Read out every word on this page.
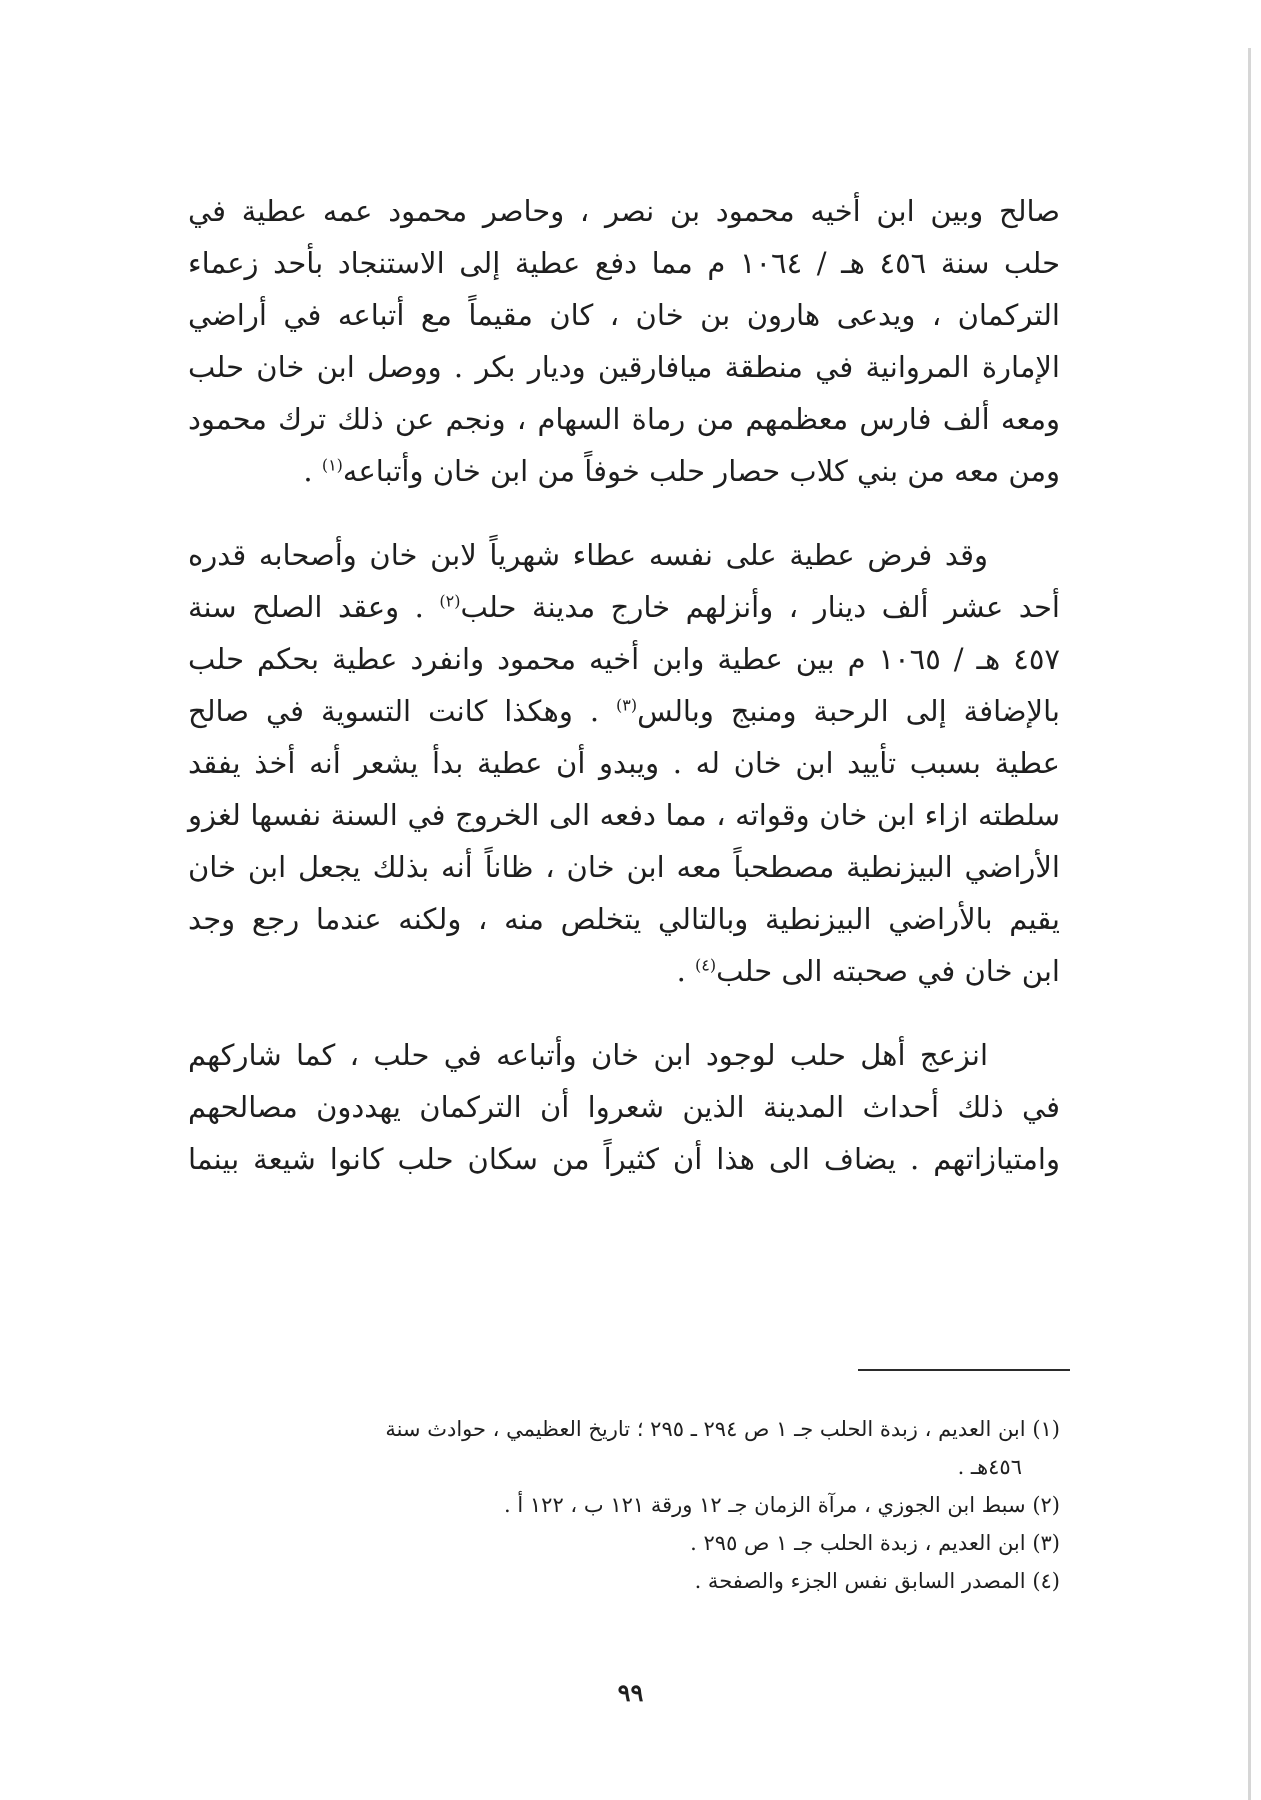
صالح وبين ابن أخيه محمود بن نصر ، وحاصر محمود عمه عطية في
حلب سنة ٤٥٦ هـ / ١٠٦٤ م مما دفع عطية إلى الاستنجاد بأحد زعماء
التركمان ، ويدعى هارون بن خان ، كان مقيماً مع أتباعه في أراضي
الإمارة المروانية في منطقة ميافارقين وديار بكر . ووصل ابن خان حلب
ومعه ألف فارس معظمهم من رماة السهام ، ونجم عن ذلك ترك محمود
ومن معه من بني كلاب حصار حلب خوفاً من ابن خان وأتباعه$^{(١)}$ .
وقد فرض عطية على نفسه عطاء شهرياً لابن خان وأصحابه قدره
أحد عشر ألف دينار ، وأنزلهم خارج مدينة حلب$^{(٢)}$ . وعقد الصلح سنة
٤٥٧ هـ / ١٠٦٥ م بين عطية وابن أخيه محمود وانفرد عطية بحكم حلب
بالإضافة إلى الرحبة ومنبج وبالس$^{(٣)}$ . وهكذا كانت التسوية في صالح
عطية بسبب تأييد ابن خان له . ويبدو أن عطية بدأ يشعر أنه أخذ يفقد
سلطته ازاء ابن خان وقواته ، مما دفعه الى الخروج في السنة نفسها لغزو
الأراضي البيزنطية مصطحباً معه ابن خان ، ظاناً أنه بذلك يجعل ابن خان
يقيم بالأراضي البيزنطية وبالتالي يتخلص منه ، ولكنه عندما رجع وجد
ابن خان في صحبته الى حلب$^{(٤)}$ .
انزعج أهل حلب لوجود ابن خان وأتباعه في حلب ، كما شاركهم
في ذلك أحداث المدينة الذين شعروا أن التركمان يهددون مصالحهم
وامتيازاتهم . يضاف الى هذا أن كثيراً من سكان حلب كانوا شيعة بينما

(١) ابن العديم ، زبدة الحلب جـ ١ ص ٢٩٤ ـ ٢٩٥ ؛ تاريخ العظيمي ، حوادث سنة
٤٥٦هـ .

(٢) سبط ابن الجوزي ، مرآة الزمان جـ ١٢ ورقة ١٢١ ب ، ١٢٢ أ .

(٣) ابن العديم ، زبدة الحلب جـ ١ ص ٢٩٥ .

(٤) المصدر السابق نفس الجزء والصفحة .

٩٩
